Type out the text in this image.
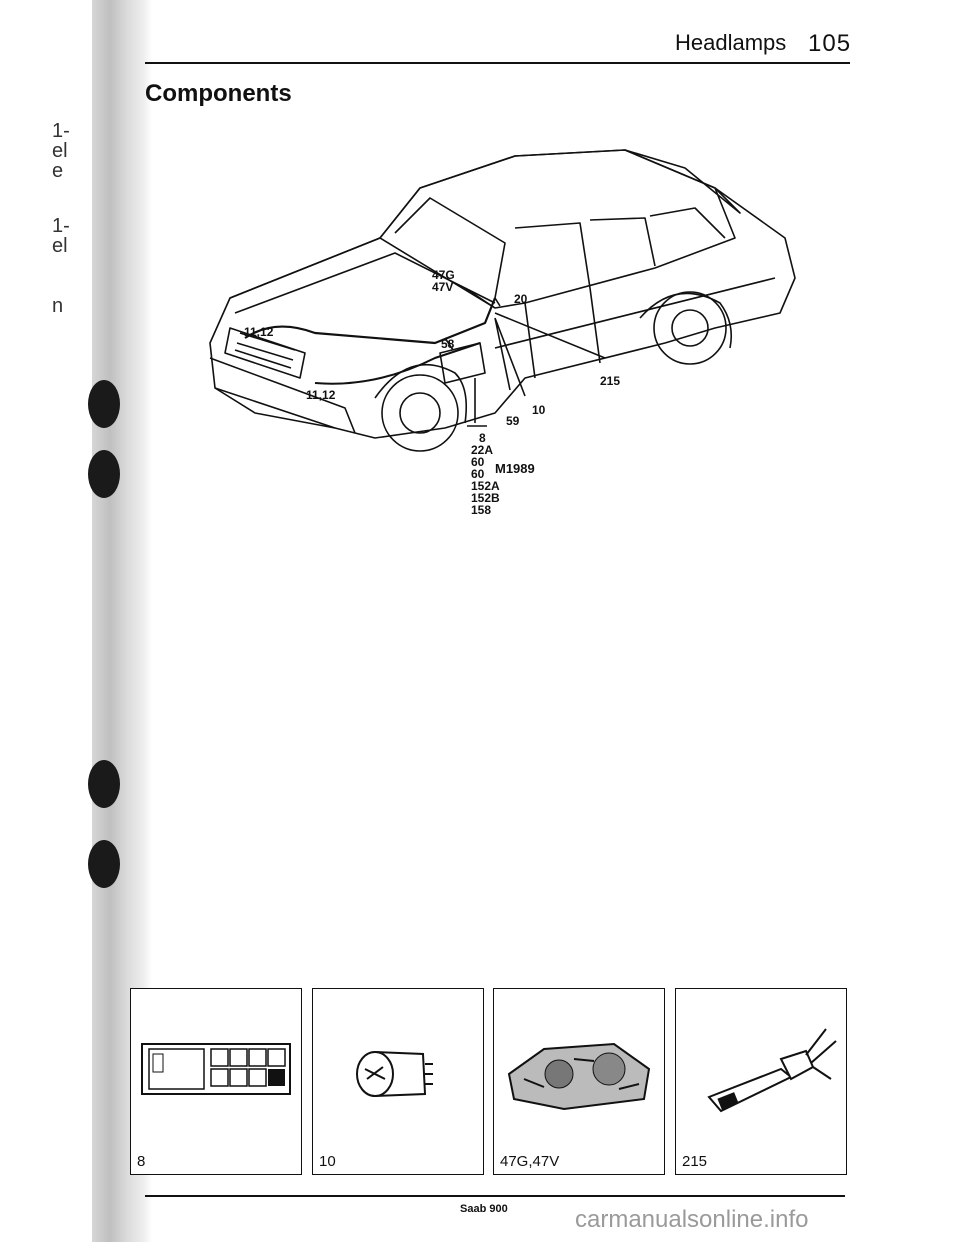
1-
el
e
1-
el
n
Headlamps 105
Components
47G
47V
20
11,12
58
11,12
215
10
59
8
22A
60
60 M1989
152A
152B
158
8	10	47G,47V	215
Saab 900	carmanualsonline.info
